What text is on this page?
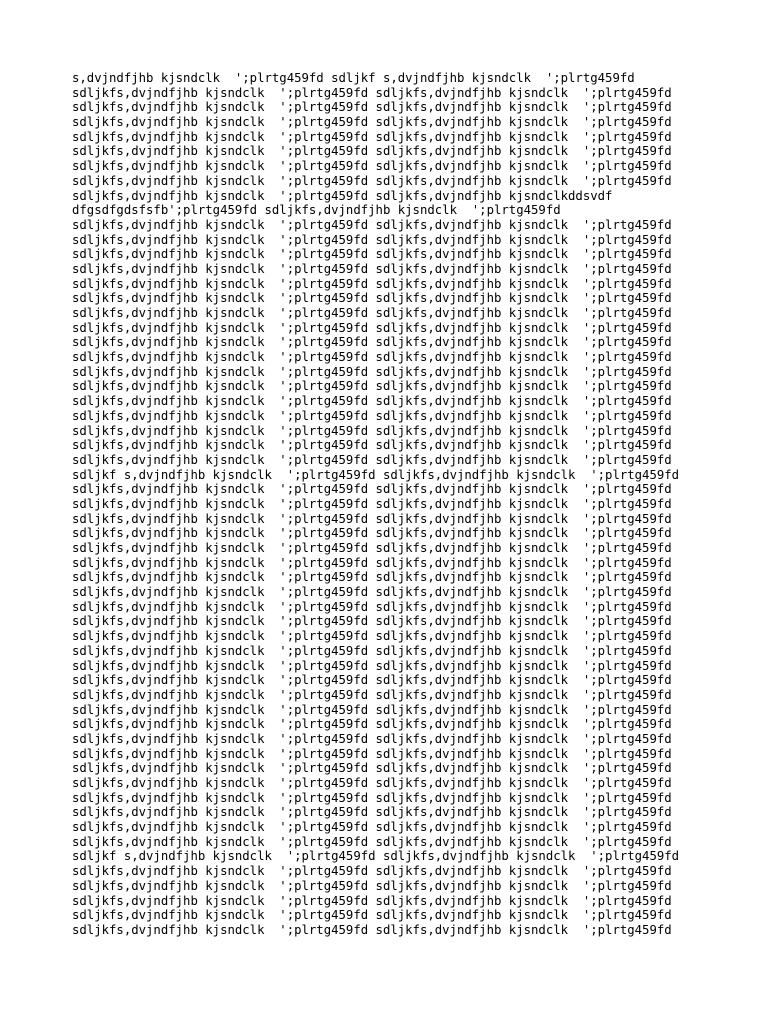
s,dvjndfjhb kjsndclk  ';plrtg459fd sdljkf s,dvjndfjhb kjsndclk  ';plrtg459fd
sdljkfs,dvjndfjhb kjsndclk  ';plrtg459fd sdljkfs,dvjndfjhb kjsndclk  ';plrtg459fd
sdljkfs,dvjndfjhb kjsndclk  ';plrtg459fd sdljkfs,dvjndfjhb kjsndclk  ';plrtg459fd
sdljkfs,dvjndfjhb kjsndclk  ';plrtg459fd sdljkfs,dvjndfjhb kjsndclk  ';plrtg459fd
sdljkfs,dvjndfjhb kjsndclk  ';plrtg459fd sdljkfs,dvjndfjhb kjsndclk  ';plrtg459fd
sdljkfs,dvjndfjhb kjsndclk  ';plrtg459fd sdljkfs,dvjndfjhb kjsndclk  ';plrtg459fd
sdljkfs,dvjndfjhb kjsndclk  ';plrtg459fd sdljkfs,dvjndfjhb kjsndclk  ';plrtg459fd
sdljkfs,dvjndfjhb kjsndclk  ';plrtg459fd sdljkfs,dvjndfjhb kjsndclk  ';plrtg459fd
sdljkfs,dvjndfjhb kjsndclk  ';plrtg459fd sdljkfs,dvjndfjhb kjsndclkddsvdf
dfgsdfgdsfsfb';plrtg459fd sdljkfs,dvjndfjhb kjsndclk  ';plrtg459fd
sdljkfs,dvjndfjhb kjsndclk  ';plrtg459fd sdljkfs,dvjndfjhb kjsndclk  ';plrtg459fd
sdljkfs,dvjndfjhb kjsndclk  ';plrtg459fd sdljkfs,dvjndfjhb kjsndclk  ';plrtg459fd
sdljkfs,dvjndfjhb kjsndclk  ';plrtg459fd sdljkfs,dvjndfjhb kjsndclk  ';plrtg459fd
sdljkfs,dvjndfjhb kjsndclk  ';plrtg459fd sdljkfs,dvjndfjhb kjsndclk  ';plrtg459fd
sdljkfs,dvjndfjhb kjsndclk  ';plrtg459fd sdljkfs,dvjndfjhb kjsndclk  ';plrtg459fd
sdljkfs,dvjndfjhb kjsndclk  ';plrtg459fd sdljkfs,dvjndfjhb kjsndclk  ';plrtg459fd
sdljkfs,dvjndfjhb kjsndclk  ';plrtg459fd sdljkfs,dvjndfjhb kjsndclk  ';plrtg459fd
sdljkfs,dvjndfjhb kjsndclk  ';plrtg459fd sdljkfs,dvjndfjhb kjsndclk  ';plrtg459fd
sdljkfs,dvjndfjhb kjsndclk  ';plrtg459fd sdljkfs,dvjndfjhb kjsndclk  ';plrtg459fd
sdljkfs,dvjndfjhb kjsndclk  ';plrtg459fd sdljkfs,dvjndfjhb kjsndclk  ';plrtg459fd
sdljkfs,dvjndfjhb kjsndclk  ';plrtg459fd sdljkfs,dvjndfjhb kjsndclk  ';plrtg459fd
sdljkfs,dvjndfjhb kjsndclk  ';plrtg459fd sdljkfs,dvjndfjhb kjsndclk  ';plrtg459fd
sdljkfs,dvjndfjhb kjsndclk  ';plrtg459fd sdljkfs,dvjndfjhb kjsndclk  ';plrtg459fd
sdljkfs,dvjndfjhb kjsndclk  ';plrtg459fd sdljkfs,dvjndfjhb kjsndclk  ';plrtg459fd
sdljkfs,dvjndfjhb kjsndclk  ';plrtg459fd sdljkfs,dvjndfjhb kjsndclk  ';plrtg459fd
sdljkfs,dvjndfjhb kjsndclk  ';plrtg459fd sdljkfs,dvjndfjhb kjsndclk  ';plrtg459fd
sdljkfs,dvjndfjhb kjsndclk  ';plrtg459fd sdljkfs,dvjndfjhb kjsndclk  ';plrtg459fd
sdljkf s,dvjndfjhb kjsndclk  ';plrtg459fd sdljkfs,dvjndfjhb kjsndclk  ';plrtg459fd
sdljkfs,dvjndfjhb kjsndclk  ';plrtg459fd sdljkfs,dvjndfjhb kjsndclk  ';plrtg459fd
sdljkfs,dvjndfjhb kjsndclk  ';plrtg459fd sdljkfs,dvjndfjhb kjsndclk  ';plrtg459fd
sdljkfs,dvjndfjhb kjsndclk  ';plrtg459fd sdljkfs,dvjndfjhb kjsndclk  ';plrtg459fd
sdljkfs,dvjndfjhb kjsndclk  ';plrtg459fd sdljkfs,dvjndfjhb kjsndclk  ';plrtg459fd
sdljkfs,dvjndfjhb kjsndclk  ';plrtg459fd sdljkfs,dvjndfjhb kjsndclk  ';plrtg459fd
sdljkfs,dvjndfjhb kjsndclk  ';plrtg459fd sdljkfs,dvjndfjhb kjsndclk  ';plrtg459fd
sdljkfs,dvjndfjhb kjsndclk  ';plrtg459fd sdljkfs,dvjndfjhb kjsndclk  ';plrtg459fd
sdljkfs,dvjndfjhb kjsndclk  ';plrtg459fd sdljkfs,dvjndfjhb kjsndclk  ';plrtg459fd
sdljkfs,dvjndfjhb kjsndclk  ';plrtg459fd sdljkfs,dvjndfjhb kjsndclk  ';plrtg459fd
sdljkfs,dvjndfjhb kjsndclk  ';plrtg459fd sdljkfs,dvjndfjhb kjsndclk  ';plrtg459fd
sdljkfs,dvjndfjhb kjsndclk  ';plrtg459fd sdljkfs,dvjndfjhb kjsndclk  ';plrtg459fd
sdljkfs,dvjndfjhb kjsndclk  ';plrtg459fd sdljkfs,dvjndfjhb kjsndclk  ';plrtg459fd
sdljkfs,dvjndfjhb kjsndclk  ';plrtg459fd sdljkfs,dvjndfjhb kjsndclk  ';plrtg459fd
sdljkfs,dvjndfjhb kjsndclk  ';plrtg459fd sdljkfs,dvjndfjhb kjsndclk  ';plrtg459fd
sdljkfs,dvjndfjhb kjsndclk  ';plrtg459fd sdljkfs,dvjndfjhb kjsndclk  ';plrtg459fd
sdljkfs,dvjndfjhb kjsndclk  ';plrtg459fd sdljkfs,dvjndfjhb kjsndclk  ';plrtg459fd
sdljkfs,dvjndfjhb kjsndclk  ';plrtg459fd sdljkfs,dvjndfjhb kjsndclk  ';plrtg459fd
sdljkfs,dvjndfjhb kjsndclk  ';plrtg459fd sdljkfs,dvjndfjhb kjsndclk  ';plrtg459fd
sdljkfs,dvjndfjhb kjsndclk  ';plrtg459fd sdljkfs,dvjndfjhb kjsndclk  ';plrtg459fd
sdljkfs,dvjndfjhb kjsndclk  ';plrtg459fd sdljkfs,dvjndfjhb kjsndclk  ';plrtg459fd
sdljkfs,dvjndfjhb kjsndclk  ';plrtg459fd sdljkfs,dvjndfjhb kjsndclk  ';plrtg459fd
sdljkfs,dvjndfjhb kjsndclk  ';plrtg459fd sdljkfs,dvjndfjhb kjsndclk  ';plrtg459fd
sdljkfs,dvjndfjhb kjsndclk  ';plrtg459fd sdljkfs,dvjndfjhb kjsndclk  ';plrtg459fd
sdljkfs,dvjndfjhb kjsndclk  ';plrtg459fd sdljkfs,dvjndfjhb kjsndclk  ';plrtg459fd
sdljkfs,dvjndfjhb kjsndclk  ';plrtg459fd sdljkfs,dvjndfjhb kjsndclk  ';plrtg459fd
sdljkf s,dvjndfjhb kjsndclk  ';plrtg459fd sdljkfs,dvjndfjhb kjsndclk  ';plrtg459fd
sdljkfs,dvjndfjhb kjsndclk  ';plrtg459fd sdljkfs,dvjndfjhb kjsndclk  ';plrtg459fd
sdljkfs,dvjndfjhb kjsndclk  ';plrtg459fd sdljkfs,dvjndfjhb kjsndclk  ';plrtg459fd
sdljkfs,dvjndfjhb kjsndclk  ';plrtg459fd sdljkfs,dvjndfjhb kjsndclk  ';plrtg459fd
sdljkfs,dvjndfjhb kjsndclk  ';plrtg459fd sdljkfs,dvjndfjhb kjsndclk  ';plrtg459fd
sdljkfs,dvjndfjhb kjsndclk  ';plrtg459fd sdljkfs,dvjndfjhb kjsndclk  ';plrtg459fd
